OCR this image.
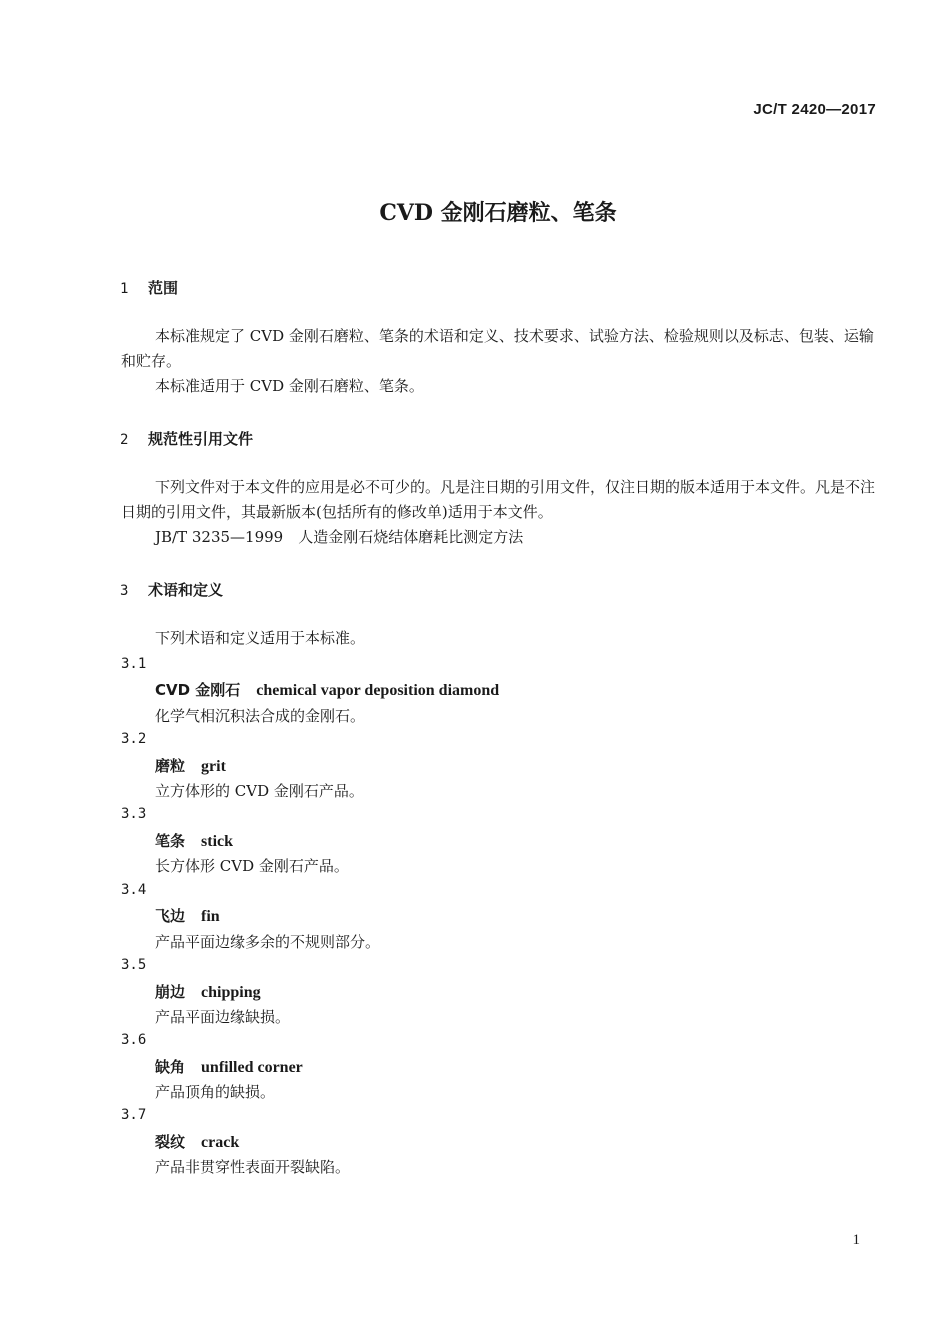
JC/T 2420—2017
CVD 金刚石磨粒、笔条
1 范围
本标准规定了 CVD 金刚石磨粒、笔条的术语和定义、技术要求、试验方法、检验规则以及标志、包装、运输和贮存。
本标准适用于 CVD 金刚石磨粒、笔条。
2 规范性引用文件
下列文件对于本文件的应用是必不可少的。凡是注日期的引用文件，仅注日期的版本适用于本文件。凡是不注日期的引用文件，其最新版本(包括所有的修改单)适用于本文件。
JB/T 3235—1999　人造金刚石烧结体磨耗比测定方法
3 术语和定义
下列术语和定义适用于本标准。
3.1
CVD 金刚石 chemical vapor deposition diamond
化学气相沉积法合成的金刚石。
3.2
磨粒 grit
立方体形的 CVD 金刚石产品。
3.3
笔条 stick
长方体形 CVD 金刚石产品。
3.4
飞边 fin
产品平面边缘多余的不规则部分。
3.5
崩边 chipping
产品平面边缘缺损。
3.6
缺角 unfilled corner
产品顶角的缺损。
3.7
裂纹 crack
产品非贯穿性表面开裂缺陷。
1
